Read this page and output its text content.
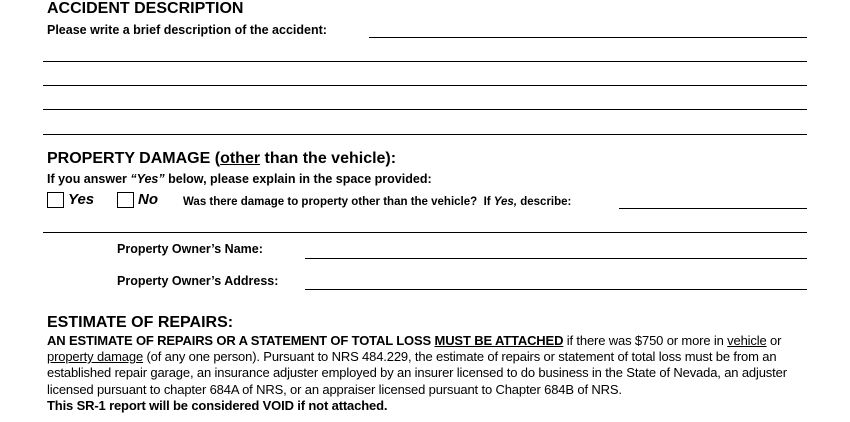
ACCIDENT DESCRIPTION
Please write a brief description of the accident:
PROPERTY DAMAGE (other than the vehicle):
If you answer “Yes” below, please explain in the space provided:
Yes	No Was there damage to property other than the vehicle? If Yes, describe:
Property Owner’s Name:
Property Owner’s Address:
ESTIMATE OF REPAIRS:
AN ESTIMATE OF REPAIRS OR A STATEMENT OF TOTAL LOSS MUST BE ATTACHED if there was $750 or more in vehicle or property damage (of any one person). Pursuant to NRS 484.229, the estimate of repairs or statement of total loss must be from an established repair garage, an insurance adjuster employed by an insurer licensed to do business in the State of Nevada, an adjuster licensed pursuant to chapter 684A of NRS, or an appraiser licensed pursuant to Chapter 684B of NRS.
This SR-1 report will be considered VOID if not attached.
